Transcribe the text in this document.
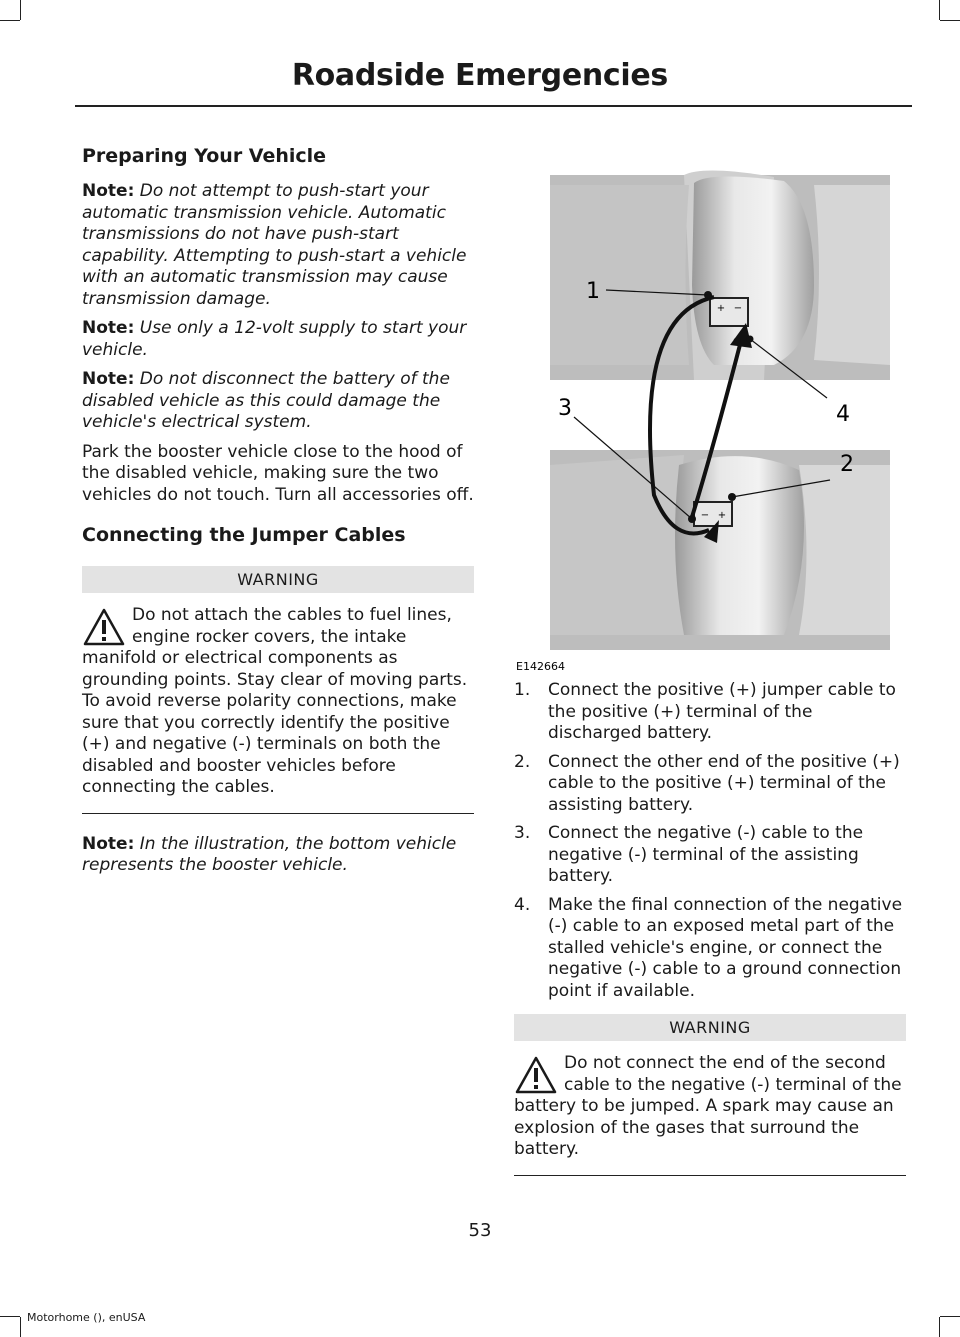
Roadside Emergencies
Preparing Your Vehicle

Note: Do not attempt to push-start your automatic transmission vehicle. Automatic transmissions do not have push-start capability. Attempting to push-start a vehicle with an automatic transmission may cause transmission damage.

Note: Use only a 12-volt supply to start your vehicle.

Note: Do not disconnect the battery of the disabled vehicle as this could damage the vehicle's electrical system.

Park the booster vehicle close to the hood of the disabled vehicle, making sure the two vehicles do not touch. Turn all accessories off.

Connecting the Jumper Cables
WARNING
Do not attach the cables to fuel lines, engine rocker covers, the intake manifold or electrical components as grounding points. Stay clear of moving parts. To avoid reverse polarity connections, make sure that you correctly identify the positive (+) and negative (-) terminals on both the disabled and booster vehicles before connecting the cables.

Note: In the illustration, the bottom vehicle represents the booster vehicle.

+ −
− +
1
2
3	4
E142664
1. Connect the positive (+) jumper cable to the positive (+) terminal of the discharged battery.
2. Connect the other end of the positive (+) cable to the positive (+) terminal of the assisting battery.
3. Connect the negative (-) cable to the negative (-) terminal of the assisting battery.
4. Make the final connection of the negative (-) cable to an exposed metal part of the stalled vehicle's engine, or connect the negative (-) cable to a ground connection point if available.
WARNING
Do not connect the end of the second cable to the negative (-) terminal of the battery to be jumped. A spark may cause an explosion of the gases that surround the battery.
53
Motorhome (), enUSA
